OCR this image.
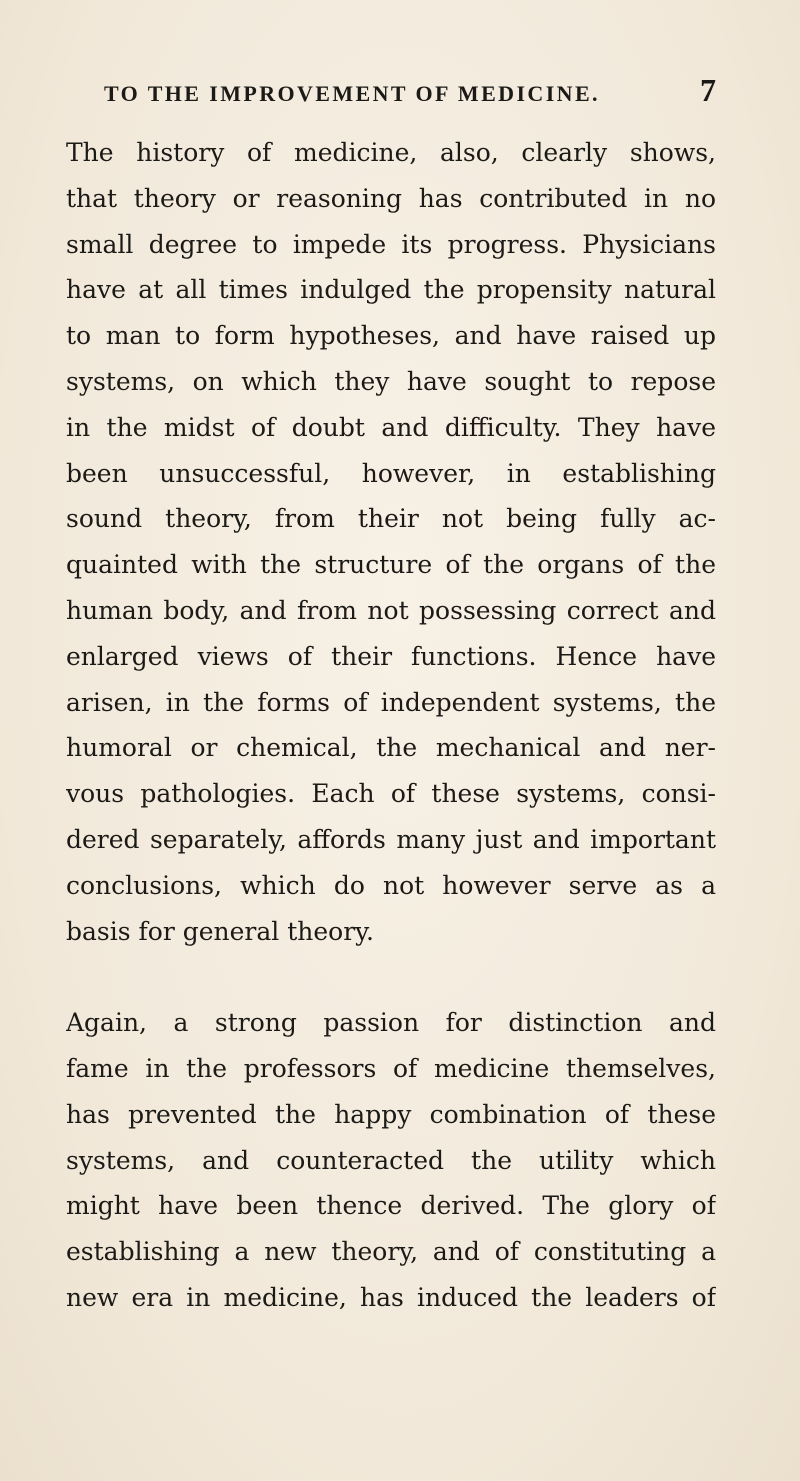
TO THE IMPROVEMENT OF MEDICINE.	7
The history of medicine, also, clearly shows,
that theory or reasoning has contributed in no
small degree to impede its progress. Physicians
have at all times indulged the propensity natural
to man to form hypotheses, and have raised up
systems, on which they have sought to repose
in the midst of doubt and difficulty. They have
been unsuccessful, however, in establishing
sound theory, from their not being fully ac-
quainted with the structure of the organs of the
human body, and from not possessing correct and
enlarged views of their functions. Hence have
arisen, in the forms of independent systems, the
humoral or chemical, the mechanical and ner-
vous pathologies. Each of these systems, consi-
dered separately, affords many just and important
conclusions, which do not however serve as a
basis for general theory.
Again, a strong passion for distinction and
fame in the professors of medicine themselves,
has prevented the happy combination of these
systems, and counteracted the utility which
might have been thence derived. The glory of
establishing a new theory, and of constituting a
new era in medicine, has induced the leaders of
